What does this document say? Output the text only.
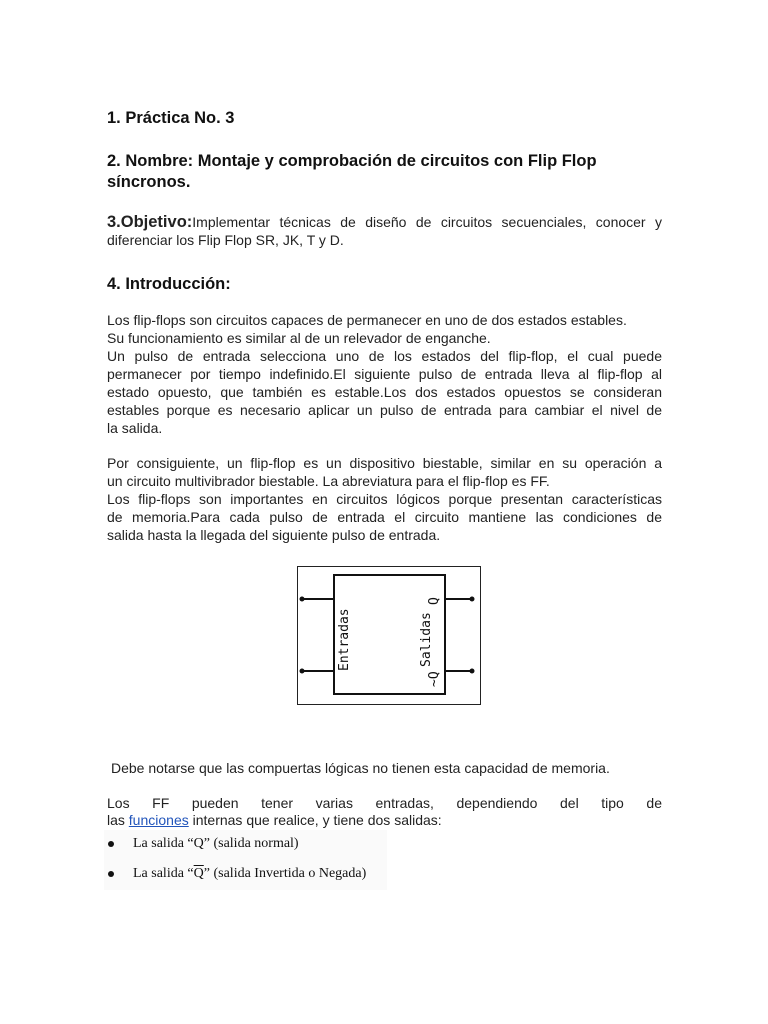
1. Práctica No. 3
2. Nombre: Montaje y comprobación de circuitos con Flip Flop
síncronos.
3.Objetivo:Implementar técnicas de diseño de circuitos secuenciales, conocer y
diferenciar los Flip Flop SR, JK, T y D.
4. Introducción:
Los flip-flops son circuitos capaces de permanecer en uno de dos estados estables.
Su funcionamiento es similar al de un relevador de enganche.
Un pulso de entrada selecciona uno de los estados del flip-flop, el cual puede
permanecer por tiempo indefinido.El siguiente pulso de entrada lleva al flip-flop al
estado opuesto, que también es estable.Los dos estados opuestos se consideran
estables porque es necesario aplicar un pulso de entrada para cambiar el nivel de
la salida.
Por consiguiente, un flip-flop es un dispositivo biestable, similar en su operación a
un circuito multivibrador biestable. La abreviatura para el flip-flop es FF.
Los flip-flops son importantes en circuitos lógicos porque presentan características
de memoria.Para cada pulso de entrada el circuito mantiene las condiciones de
salida hasta la llegada del siguiente pulso de entrada.
Entradas	Salidas
Q
~Q

Debe notarse que las compuertas lógicas no tienen esta capacidad de memoria.

Los    FF    pueden    tener    varias    entradas,    dependiendo    del    tipo    de
las funciones internas que realice, y tiene dos salidas:
La salida “Q” (salida normal)
La salida “$\overline{Q}$” (salida Invertida o Negada)
